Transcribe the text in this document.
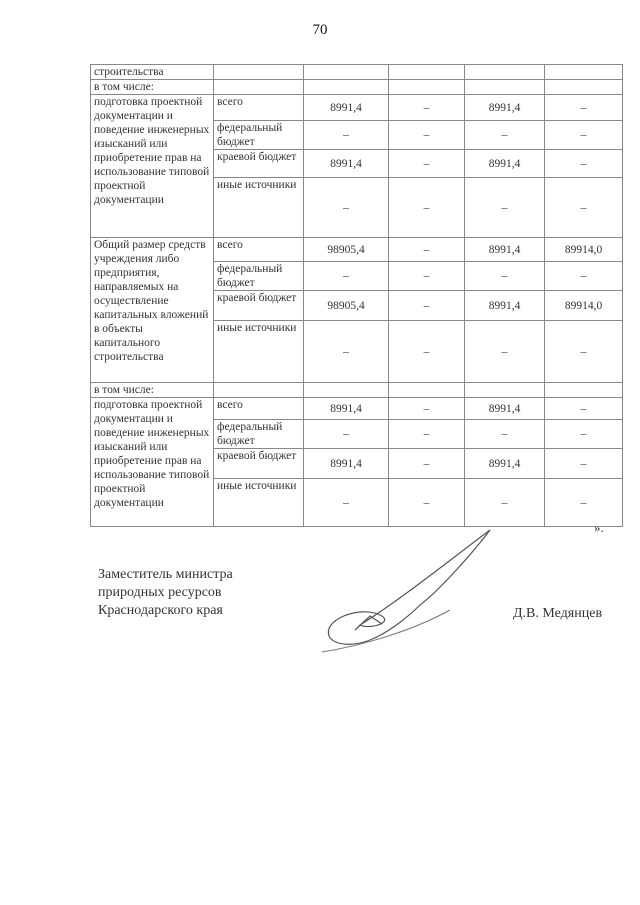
70
строительства					
в том числе:					
подготовка проектной документации и поведение инженерных изысканий или приобретение прав на использование типовой проектной документации	всего	8991,4	–	8991,4	–
	федеральный бюджет	–	–	–	–
	краевой бюджет	8991,4	–	8991,4	–
	иные источники	–	–	–	–
Общий размер средств учреждения либо предприятия, направляемых на осуществление капитальных вложений в объекты капитального строительства	всего	98905,4	–	8991,4	89914,0
	федеральный бюджет	–	–	–	–
	краевой бюджет	98905,4	–	8991,4	89914,0
	иные источники	–	–	–	–
в том числе:					
подготовка проектной документации и поведение инженерных изысканий или приобретение прав на использование типовой проектной документации	всего	8991,4	–	8991,4	–
	федеральный бюджет	–	–	–	–
	краевой бюджет	8991,4	–	8991,4	–
	иные источники	–	–	–	–
».
Заместитель министра
природных ресурсов
Краснодарского края	Д.В. Медянцев
